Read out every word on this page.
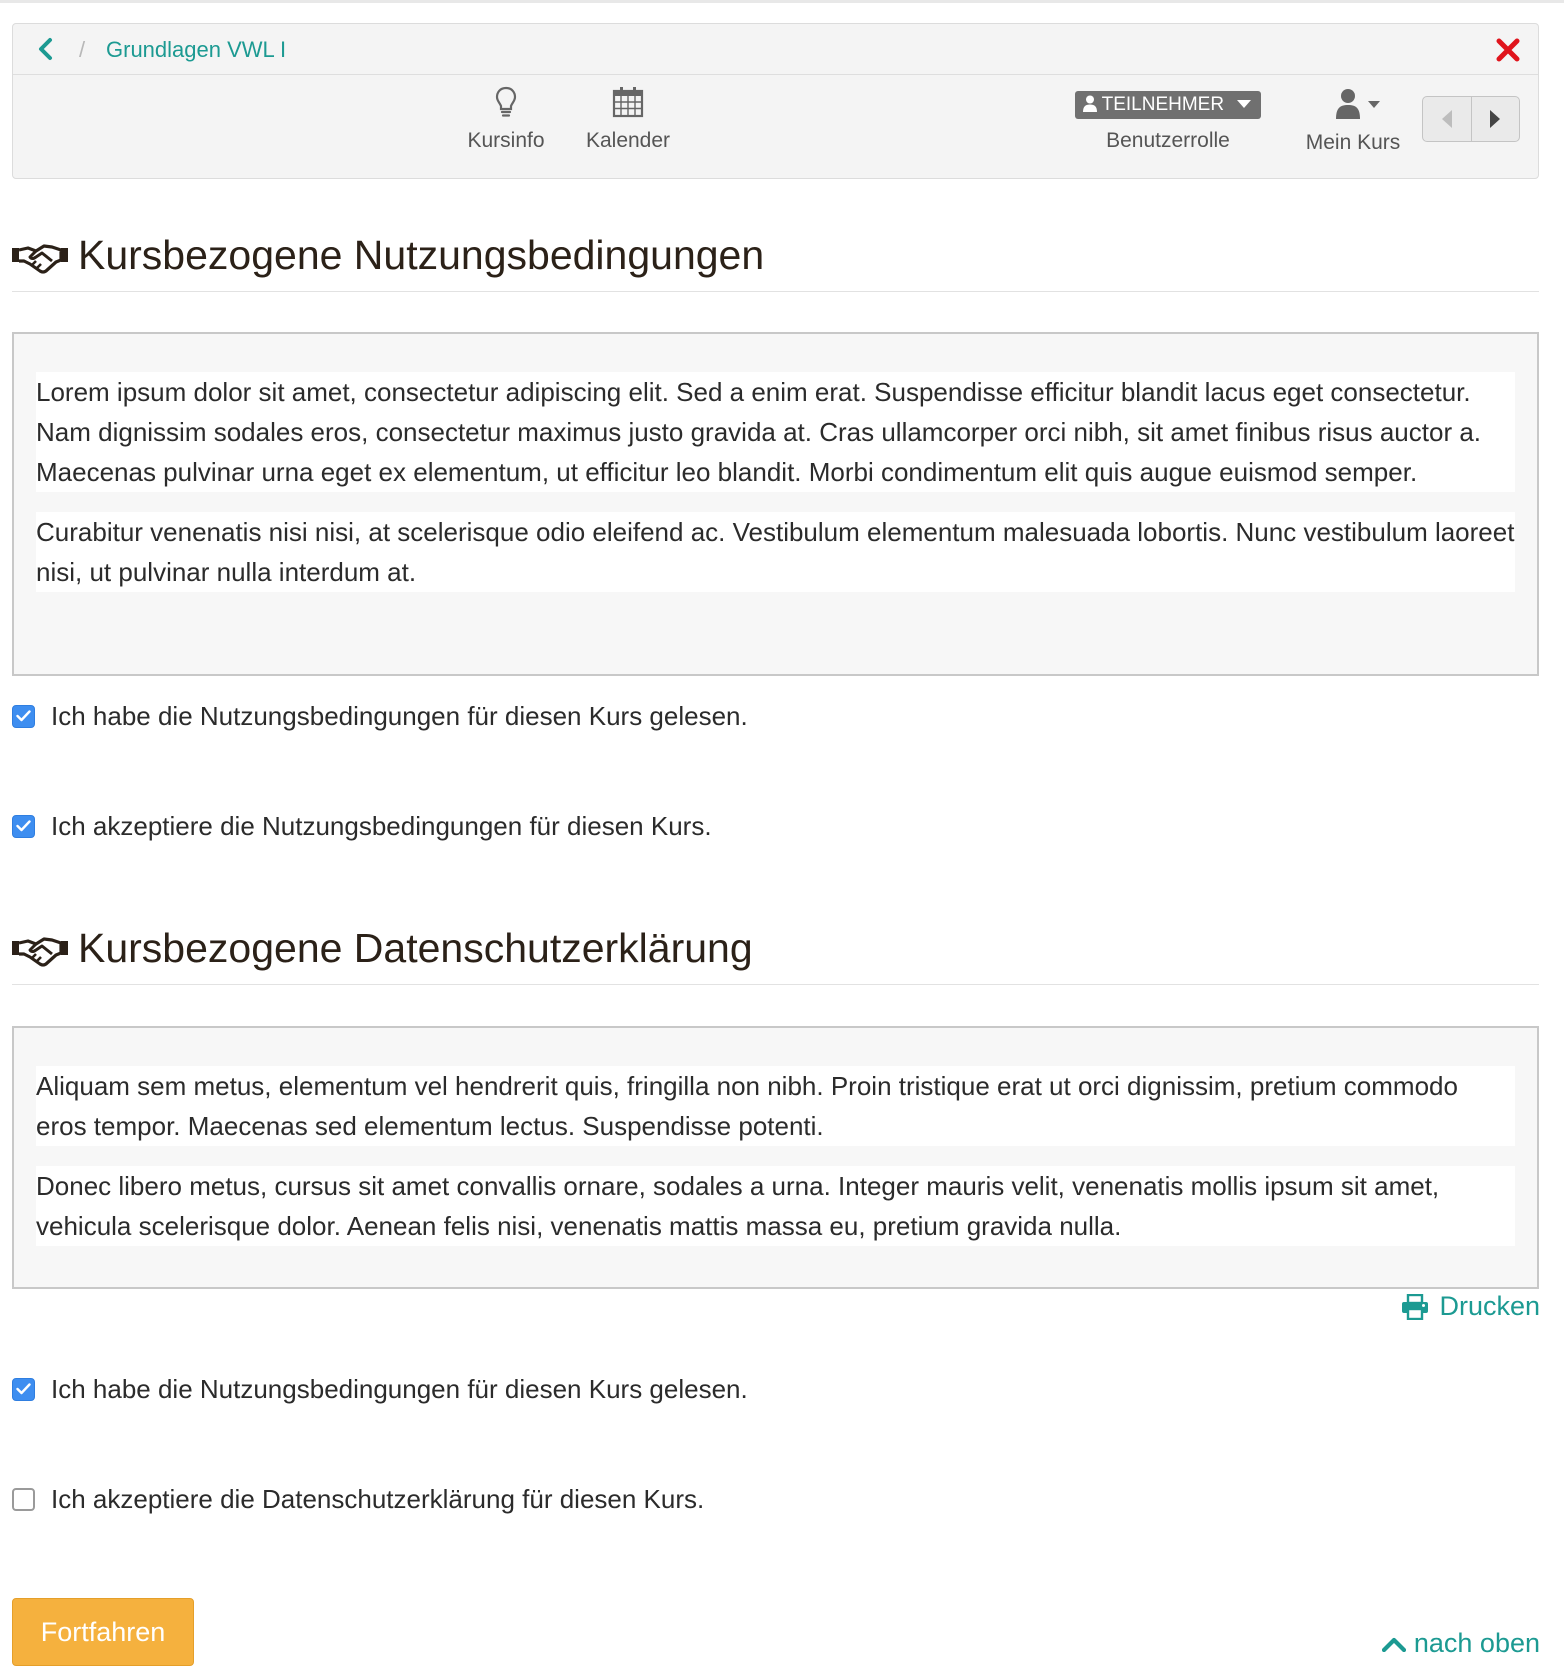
/ Grundlagen VWL I
Kursinfo	Kalender
TEILNEHMER
Benutzerrolle	Mein Kurs
Kursbezogene Nutzungsbedingungen

Lorem ipsum dolor sit amet, consectetur adipiscing elit. Sed a enim erat. Suspendisse efficitur blandit lacus eget consectetur. Nam dignissim sodales eros, consectetur maximus justo gravida at. Cras ullamcorper orci nibh, sit amet finibus risus auctor a. Maecenas pulvinar urna eget ex elementum, ut efficitur leo blandit. Morbi condimentum elit quis augue euismod semper.

Curabitur venenatis nisi nisi, at scelerisque odio eleifend ac. Vestibulum elementum malesuada lobortis. Nunc vestibulum laoreet nisi, ut pulvinar nulla interdum at.

Ich habe die Nutzungsbedingungen für diesen Kurs gelesen.
Ich akzeptiere die Nutzungsbedingungen für diesen Kurs.
Kursbezogene Datenschutzerklärung

Aliquam sem metus, elementum vel hendrerit quis, fringilla non nibh. Proin tristique erat ut orci dignissim, pretium commodo eros tempor. Maecenas sed elementum lectus. Suspendisse potenti.

Donec libero metus, cursus sit amet convallis ornare, sodales a urna. Integer mauris velit, venenatis mollis ipsum sit amet, vehicula scelerisque dolor. Aenean felis nisi, venenatis mattis massa eu, pretium gravida nulla.

Drucken
Ich habe die Nutzungsbedingungen für diesen Kurs gelesen.
Ich akzeptiere die Datenschutzerklärung für diesen Kurs.
Fortfahren	nach oben
